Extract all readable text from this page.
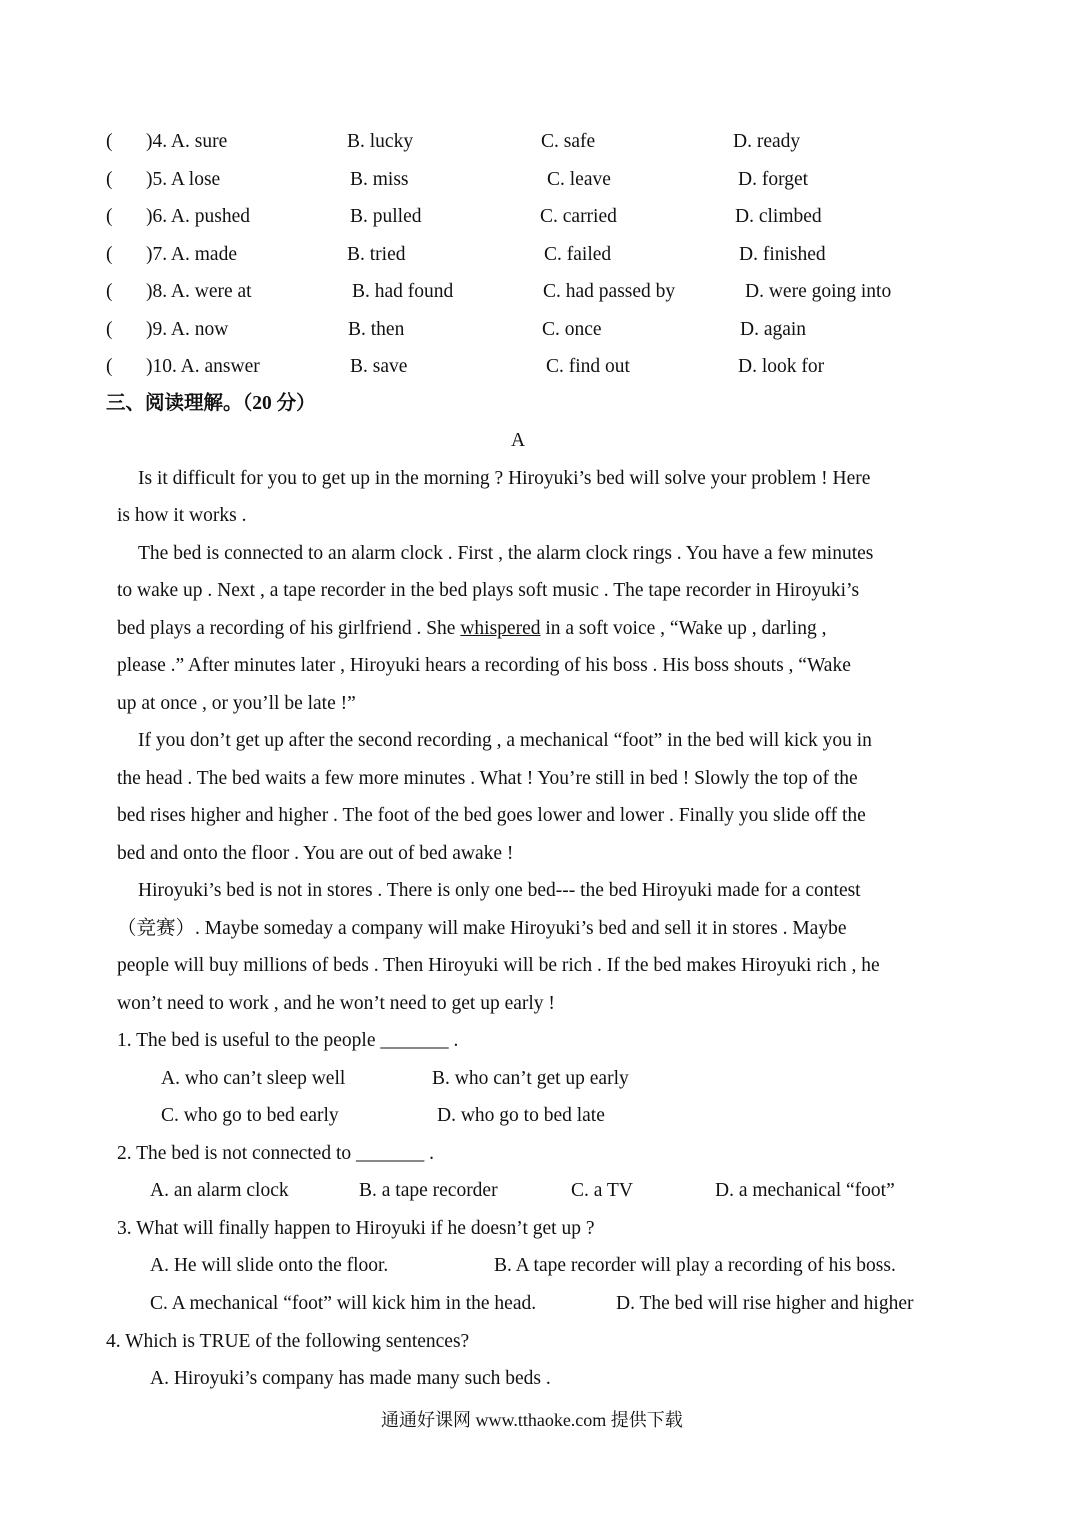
( )4. A. sure	B. lucky	C. safe	D. ready
( )5. A lose	B. miss	C. leave	D. forget
( )6. A. pushed	B. pulled	C. carried	D. climbed
( )7. A. made	B. tried	C. failed	D. finished
( )8. A. were at	B. had found	C. had passed by	D. were going into
( )9. A. now	B. then	C. once	D. again
( )10. A. answer	B. save	C. find out	D. look for
三、阅读理解。（20 分）
A
Is it difficult for you to get up in the morning ? Hiroyuki’s bed will solve your problem ! Here
is how it works .
The bed is connected to an alarm clock . First , the alarm clock rings . You have a few minutes
to wake up . Next , a tape recorder in the bed plays soft music . The tape recorder in Hiroyuki’s
bed plays a recording of his girlfriend . She whispered in a soft voice , “Wake up , darling ,
please .” After minutes later , Hiroyuki hears a recording of his boss . His boss shouts , “Wake
up at once , or you’ll be late !”
If you don’t get up after the second recording , a mechanical “foot” in the bed will kick you in
the head . The bed waits a few more minutes . What ! You’re still in bed ! Slowly the top of the
bed rises higher and higher . The foot of the bed goes lower and lower . Finally you slide off the
bed and onto the floor . You are out of bed awake !
Hiroyuki’s bed is not in stores . There is only one bed--- the bed Hiroyuki made for a contest
（竞赛）. Maybe someday a company will make Hiroyuki’s bed and sell it in stores . Maybe
people will buy millions of beds . Then Hiroyuki will be rich . If the bed makes Hiroyuki rich , he
won’t need to work , and he won’t need to get up early !
1. The bed is useful to the people _______ .
A. who can’t sleep well	B. who can’t get up early
C. who go to bed early	D. who go to bed late
2. The bed is not connected to _______ .
A. an alarm clock	B. a tape recorder	C. a TV	D. a mechanical “foot”
3. What will finally happen to Hiroyuki if he doesn’t get up ?
A. He will slide onto the floor.	B. A tape recorder will play a recording of his boss.
C. A mechanical “foot” will kick him in the head.	D. The bed will rise higher and higher
4. Which is TRUE of the following sentences?
A. Hiroyuki’s company has made many such beds .
通通好课网 www.tthaoke.com 提供下载
